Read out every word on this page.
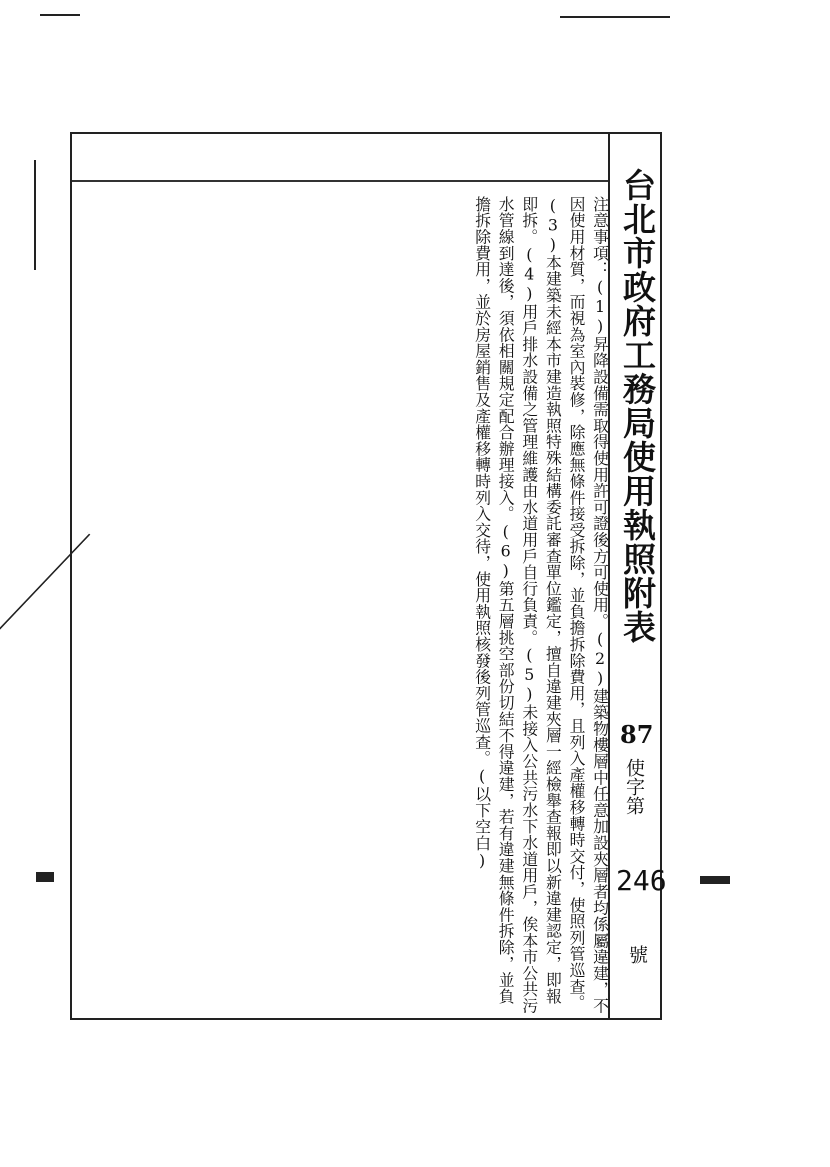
台北市政府工務局使用執照附表
87
使字第
246
號
注意事項：(1)昇降設備需取得使用許可證後方可使用。(2)建築物樓層中任意加設夾層者均係屬違建，不因使用材質，而視為室內裝修，除應無條件接受拆除，並負擔拆除費用，且列入產權移轉時交付，使照列管巡查。(3)本建築未經本市建造執照特殊結構委託審查單位鑑定，擅自違建夾層一經檢舉查報即以新違建認定，即報即拆。(4)用戶排水設備之管理維護由水道用戶自行負責。(5)未接入公共污水下水道用戶，俟本市公共污水管線到達後，須依相關規定配合辦理接入。(6)第五層挑空部份切結不得違建，若有違建無條件拆除，並負擔拆除費用，並於房屋銷售及產權移轉時列入交待，使用執照核發後列管巡查。(以下空白)
